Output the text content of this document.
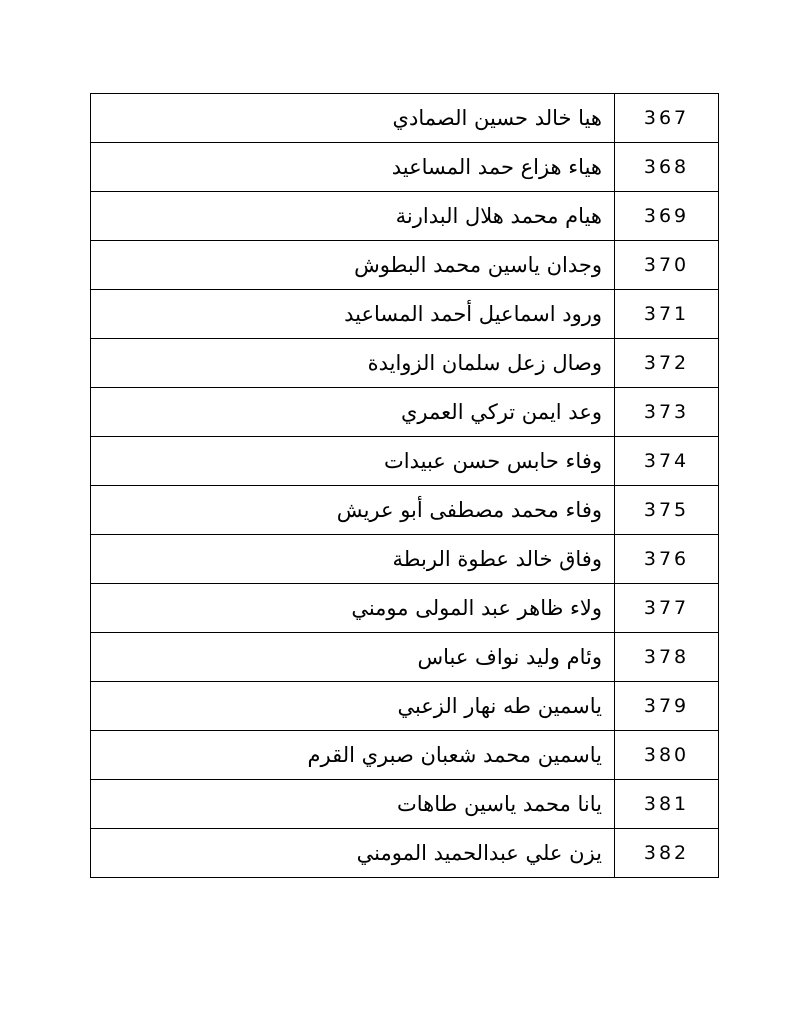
367	هيا خالد حسين الصمادي
368	هياء هزاع حمد المساعيد
369	هيام محمد هلال البدارنة
370	وجدان ياسين محمد البطوش
371	ورود اسماعيل أحمد المساعيد
372	وصال زعل سلمان الزوايدة
373	وعد ايمن تركي العمري
374	وفاء حابس حسن عبيدات
375	وفاء محمد مصطفى أبو عريش
376	وفاق خالد عطوة الربطة
377	ولاء ظاهر عبد المولى مومني
378	وئام وليد نواف عباس
379	ياسمين طه نهار الزعبي
380	ياسمين محمد شعبان صبري القرم
381	يانا محمد ياسين طاهات
382	يزن علي عبدالحميد المومني
